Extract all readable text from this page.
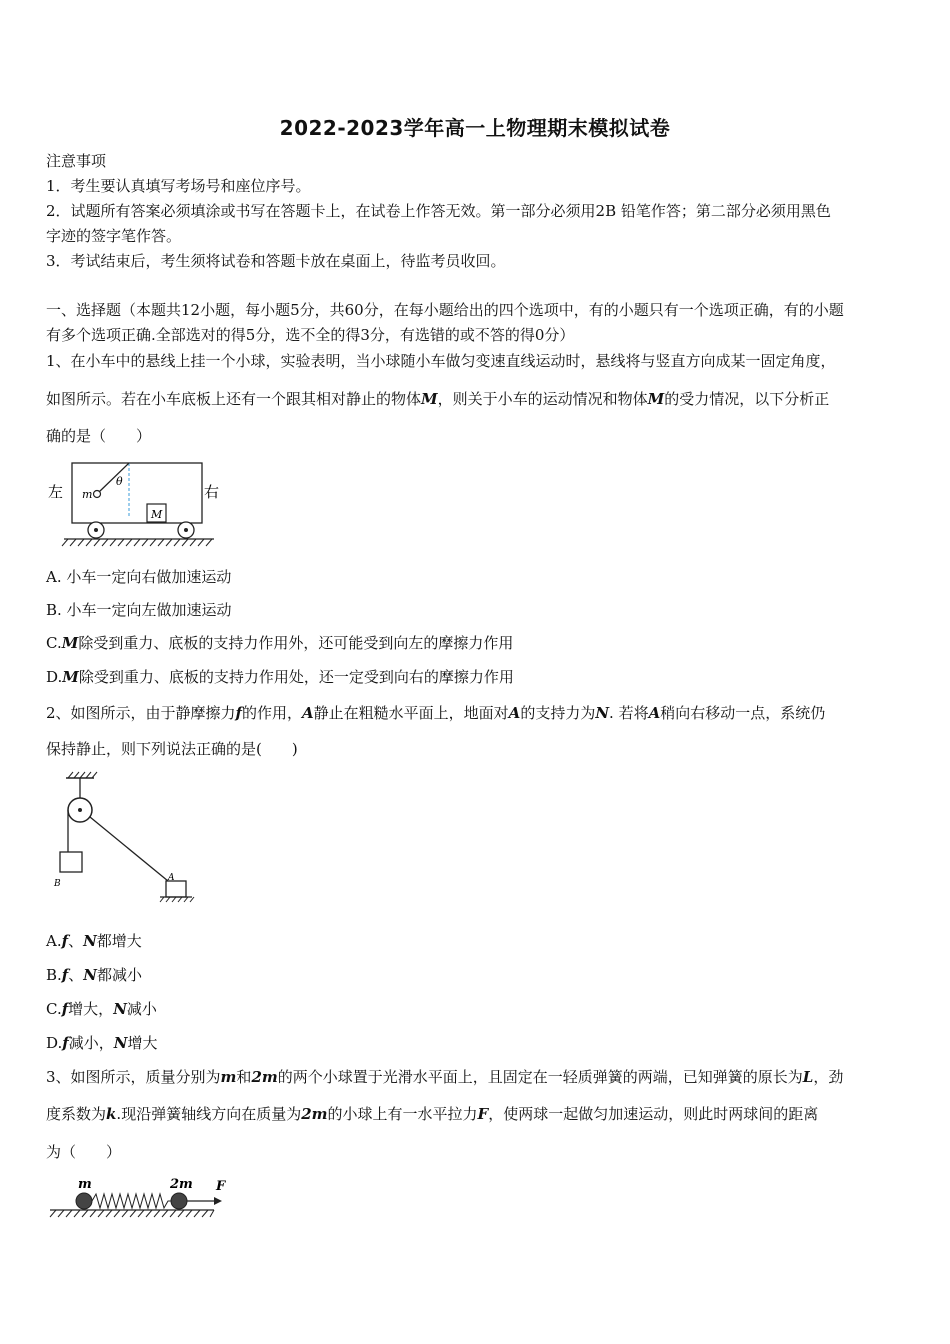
2022-2023学年高一上物理期末模拟试卷
注意事项
1．考生要认真填写考场号和座位序号。
2．试题所有答案必须填涂或书写在答题卡上，在试卷上作答无效。第一部分必须用2B 铅笔作答；第二部分必须用黑色
字迹的签字笔作答。
3．考试结束后，考生须将试卷和答题卡放在桌面上，待监考员收回。
一、选择题（本题共12小题，每小题5分，共60分，在每小题给出的四个选项中，有的小题只有一个选项正确，有的小题
有多个选项正确.全部选对的得5分，选不全的得3分，有选错的或不答的得0分）
1、在小车中的悬线上挂一个小球，实验表明，当小球随小车做匀变速直线运动时，悬线将与竖直方向成某一固定角度，
如图所示。若在小车底板上还有一个跟其相对静止的物体M，则关于小车的运动情况和物体M的受力情况，以下分析正
确的是（　　）
左	右
m
θ
M
A. 小车一定向右做加速运动
B. 小车一定向左做加速运动
C.M除受到重力、底板的支持力作用外，还可能受到向左的摩擦力作用
D.M除受到重力、底板的支持力作用处，还一定受到向右的摩擦力作用
2、如图所示，由于静摩擦力f的作用，A静止在粗糙水平面上，地面对A的支持力为N. 若将A稍向右移动一点，系统仍
保持静止，则下列说法正确的是(　　)
B
A
A.f、N都增大
B.f、N都减小
C.f增大，N减小
D.f减小，N增大
3、如图所示，质量分别为m和2m的两个小球置于光滑水平面上，且固定在一轻质弹簧的两端，已知弹簧的原长为L，劲
度系数为k.现沿弹簧轴线方向在质量为2m的小球上有一水平拉力F，使两球一起做匀加速运动，则此时两球间的距离
为（　　）
m	2m F
